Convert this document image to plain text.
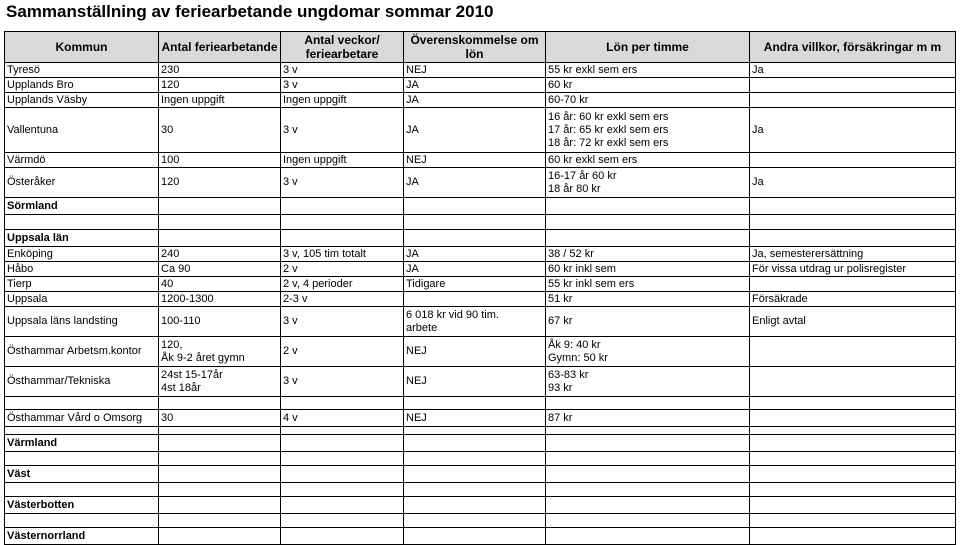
Sammanställning av feriearbetande ungdomar sommar 2010
Kommun	Antal feriearbetande	Antal veckor/
feriearbetare	Överenskommelse om
lön	Lön per timme	Andra villkor, försäkringar m m
Tyresö	230	3 v	NEJ	55 kr exkl sem ers	Ja
Upplands Bro	120	3 v	JA	60 kr	
Upplands Väsby	Ingen uppgift	Ingen uppgift	JA	60-70 kr	
Vallentuna	30	3 v	JA	16 år: 60 kr exkl sem ers
17 år: 65 kr exkl sem ers
18 år: 72 kr exkl sem ers	Ja
Värmdö	100	Ingen uppgift	NEJ	60 kr exkl sem ers	
Österåker	120	3 v	JA	16-17 år 60 kr
18 år 80 kr	Ja
Sörmland					

Uppsala län					
Enköping	240	3 v, 105 tim totalt	JA	38 / 52 kr	Ja, semesterersättning
Håbo	Ca 90	2 v	JA	60 kr inkl sem	För vissa utdrag ur polisregister
Tierp	40	2 v, 4 perioder	Tidigare	55 kr inkl sem ers	
Uppsala	1200-1300	2-3 v		51 kr	Försäkrade
Uppsala läns landsting	100-110	3 v	6 018 kr vid 90 tim.
arbete	67 kr	Enligt avtal
Östhammar Arbetsm.kontor	120,
Åk 9-2 året gymn	2 v	NEJ	Åk 9: 40 kr
Gymn: 50 kr	

Östhammar/Tekniska	24st 15-17år
4st 18år	3 v	NEJ	63-83 kr
93 kr	

Östhammar Vård o Omsorg	30	4 v	NEJ	87 kr	

Värmland					

Väst					

Västerbotten					

Västernorrland					
